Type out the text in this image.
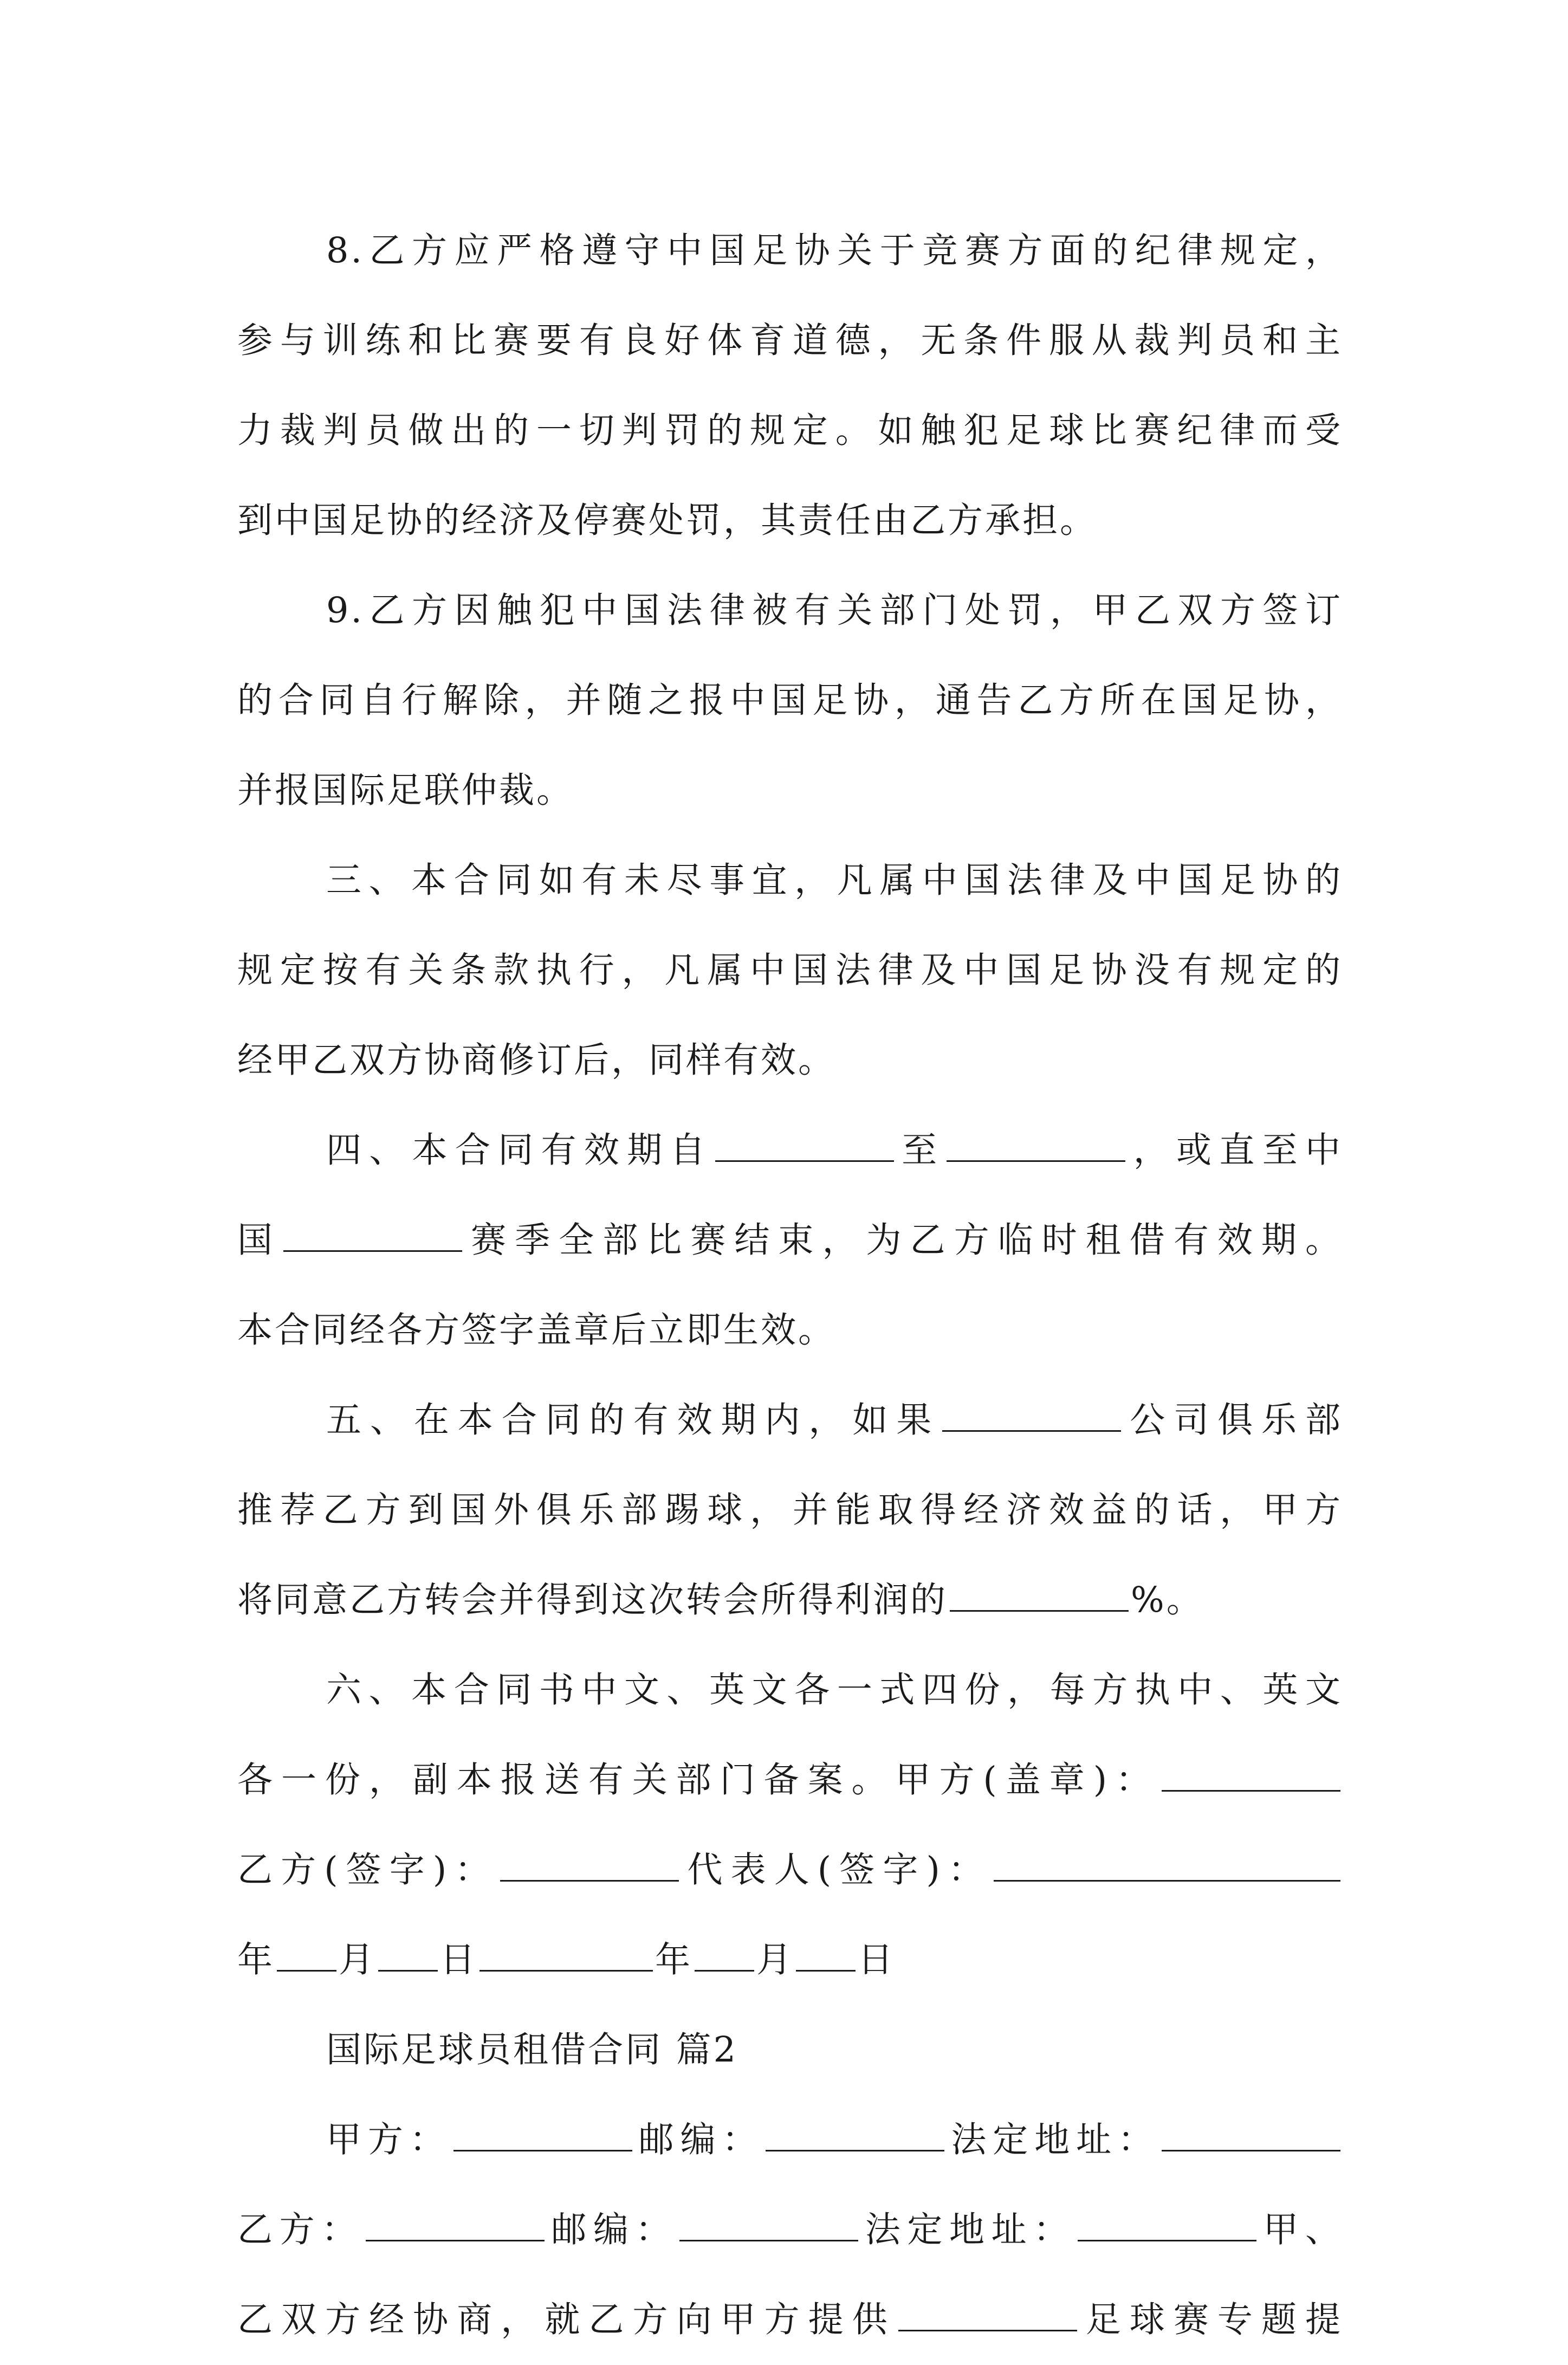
8.乙方应严格遵守中国足协关于竞赛方面的纪律规定，
参与训练和比赛要有良好体育道德，无条件服从裁判员和主
力裁判员做出的一切判罚的规定。如触犯足球比赛纪律而受
到中国足协的经济及停赛处罚，其责任由乙方承担。
9.乙方因触犯中国法律被有关部门处罚，甲乙双方签订
的合同自行解除，并随之报中国足协，通告乙方所在国足协，
并报国际足联仲裁。
三、本合同如有未尽事宜，凡属中国法律及中国足协的
规定按有关条款执行，凡属中国法律及中国足协没有规定的
经甲乙双方协商修订后，同样有效。
四、本合同有效期自	至	，或直至中
国	赛季全部比赛结束，为乙方临时租借有效期。
本合同经各方签字盖章后立即生效。
五、在本合同的有效期内，如果	公司俱乐部
推荐乙方到国外俱乐部踢球，并能取得经济效益的话，甲方
将同意乙方转会并得到这次转会所得利润的	%。
六、本合同书中文、英文各一式四份，每方执中、英文
各一份，副本报送有关部门备案。甲方(盖章)：
乙方(签字)：	代表人(签字)：
年 月 日	年 月 日
国际足球员租借合同 篇2
甲方：	邮编：	法定地址：
乙方：	邮编：	法定地址：	甲、
乙双方经协商，就乙方向甲方提供	足球赛专题提
